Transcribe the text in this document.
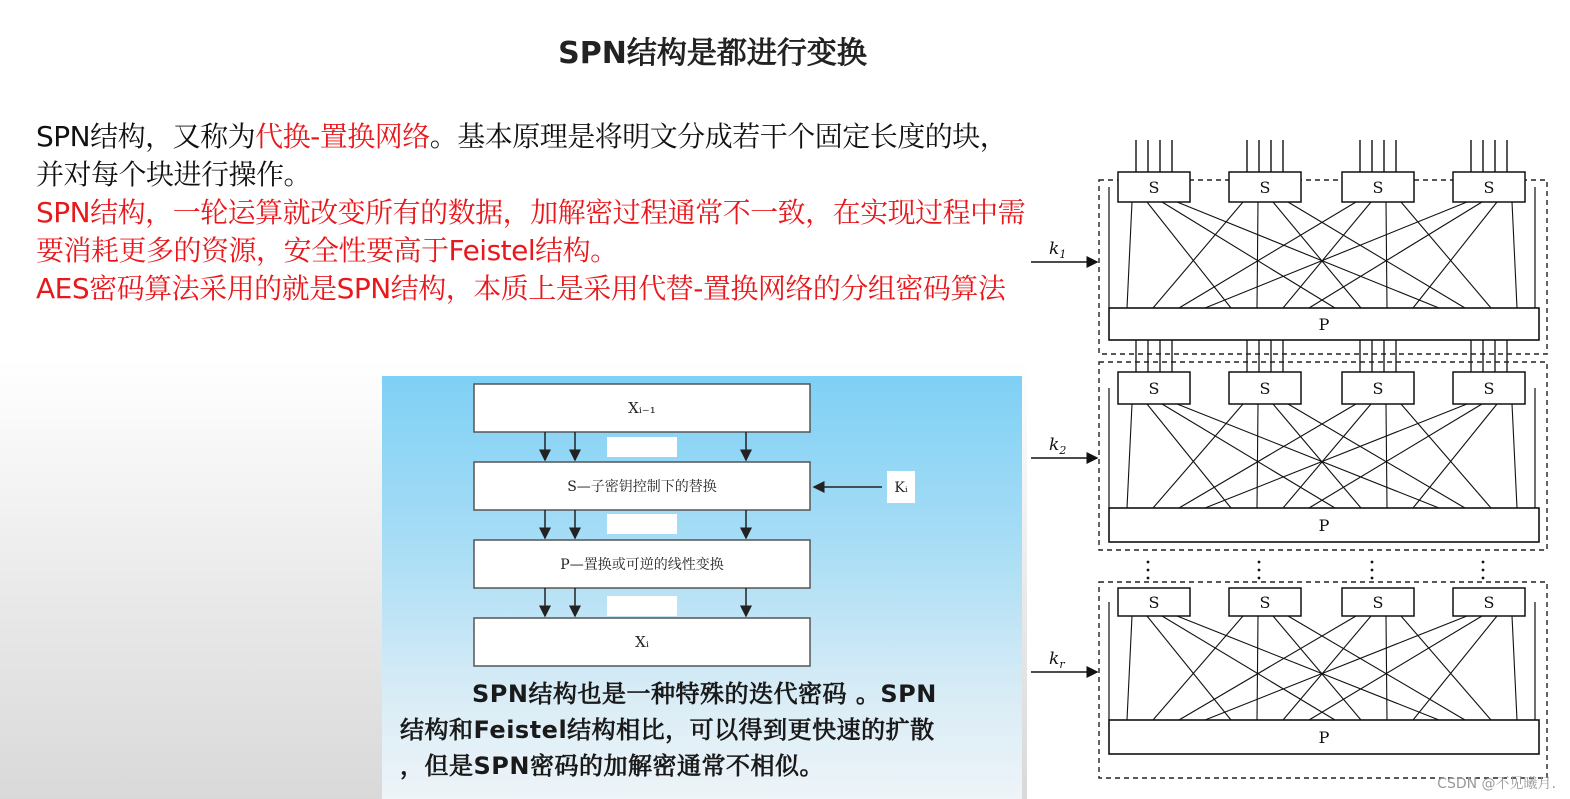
SPN结构是都进行变换

SPN结构，又称为代换-置换网络。基本原理是将明文分成若干个固定长度的块，并对每个块进行操作。

SPN结构，一轮运算就改变所有的数据，加解密过程通常不一致，在实现过程中需要消耗更多的资源，安全性要高于Feistel结构。

AES密码算法采用的就是SPN结构，本质上是采用代替-置换网络的分组密码算法

Xᵢ₋₁
S—子密钥控制下的替换	Kᵢ
P—置换或可逆的线性变换
Xᵢ
SPN结构也是一种特殊的迭代密码 。SPN
结构和Feistel结构相比，可以得到更快速的扩散
，但是SPN密码的加解密通常不相似。
S	S	S	S
P
S	S	S	S
P
S	S	S	S
P
$k_1$
$k_2$
$k_r$
CSDN @不见曦月.
